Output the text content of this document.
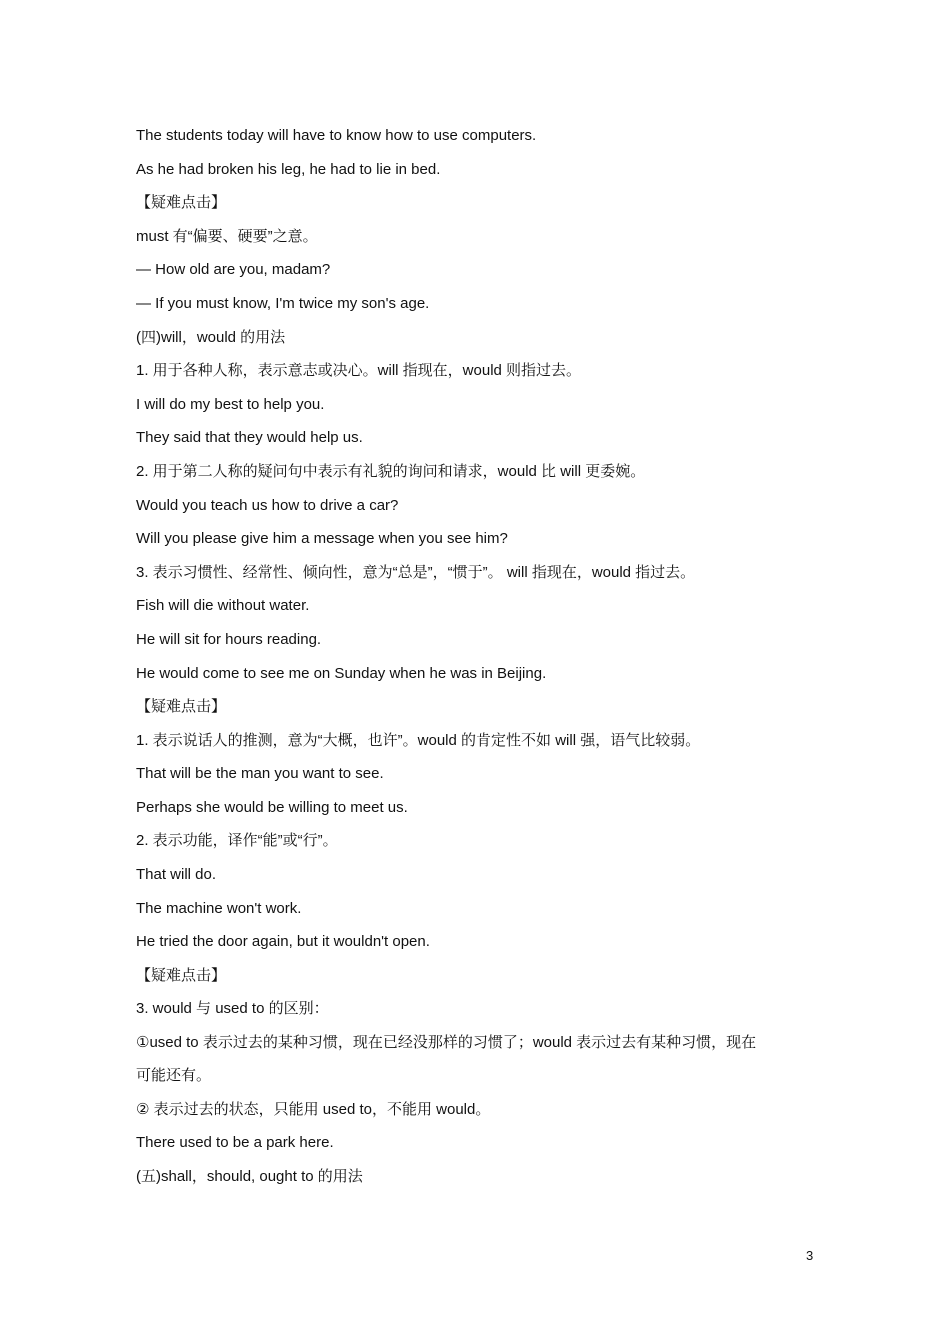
The students today will have to know how to use computers.
As he had broken his leg, he had to lie in bed.
【疑难点击】
must 有“偏要、硬要”之意。
— How old are you, madam?
— If you must know, I'm twice my son's age.
(四)will，would 的用法
1. 用于各种人称，表示意志或决心。will 指现在，would 则指过去。
I will do my best to help you.
They said that they would help us.
2. 用于第二人称的疑问句中表示有礼貌的询问和请求，would 比 will 更委婉。
Would you teach us how to drive a car?
Will you please give him a message when you see him?
3. 表示习惯性、经常性、倾向性，意为“总是”，“惯于”。 will 指现在，would 指过去。
Fish will die without water.
He will sit for hours reading.
He would come to see me on Sunday when he was in Beijing.
【疑难点击】
1. 表示说话人的推测，意为“大概，也许”。would 的肯定性不如 will 强，语气比较弱。
That will be the man you want to see.
Perhaps she would be willing to meet us.
2. 表示功能，译作“能”或“行”。
That will do.
The machine won't work.
He tried the door again, but it wouldn't open.
【疑难点击】
3. would 与 used to 的区别：
①used to 表示过去的某种习惯，现在已经没那样的习惯了；would 表示过去有某种习惯，现在
可能还有。
② 表示过去的状态，只能用 used to，不能用 would。
There used to be a park here.
(五)shall，should, ought to 的用法
3
